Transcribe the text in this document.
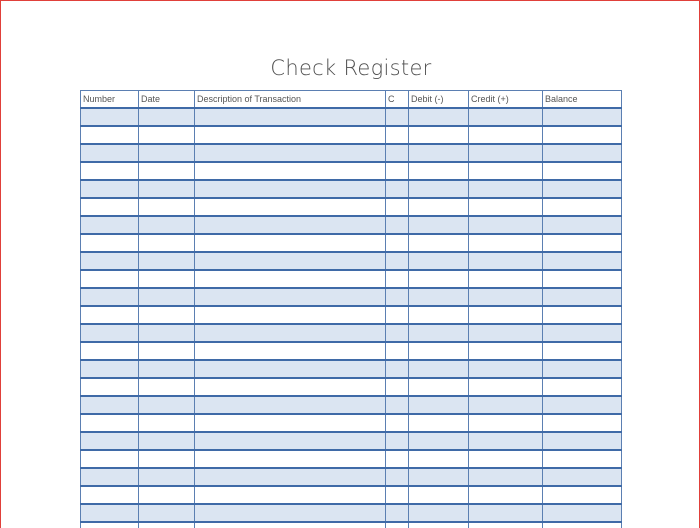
Check Register
Number	Date	Description of Transaction	C	Debit (-)	Credit (+)	Balance
